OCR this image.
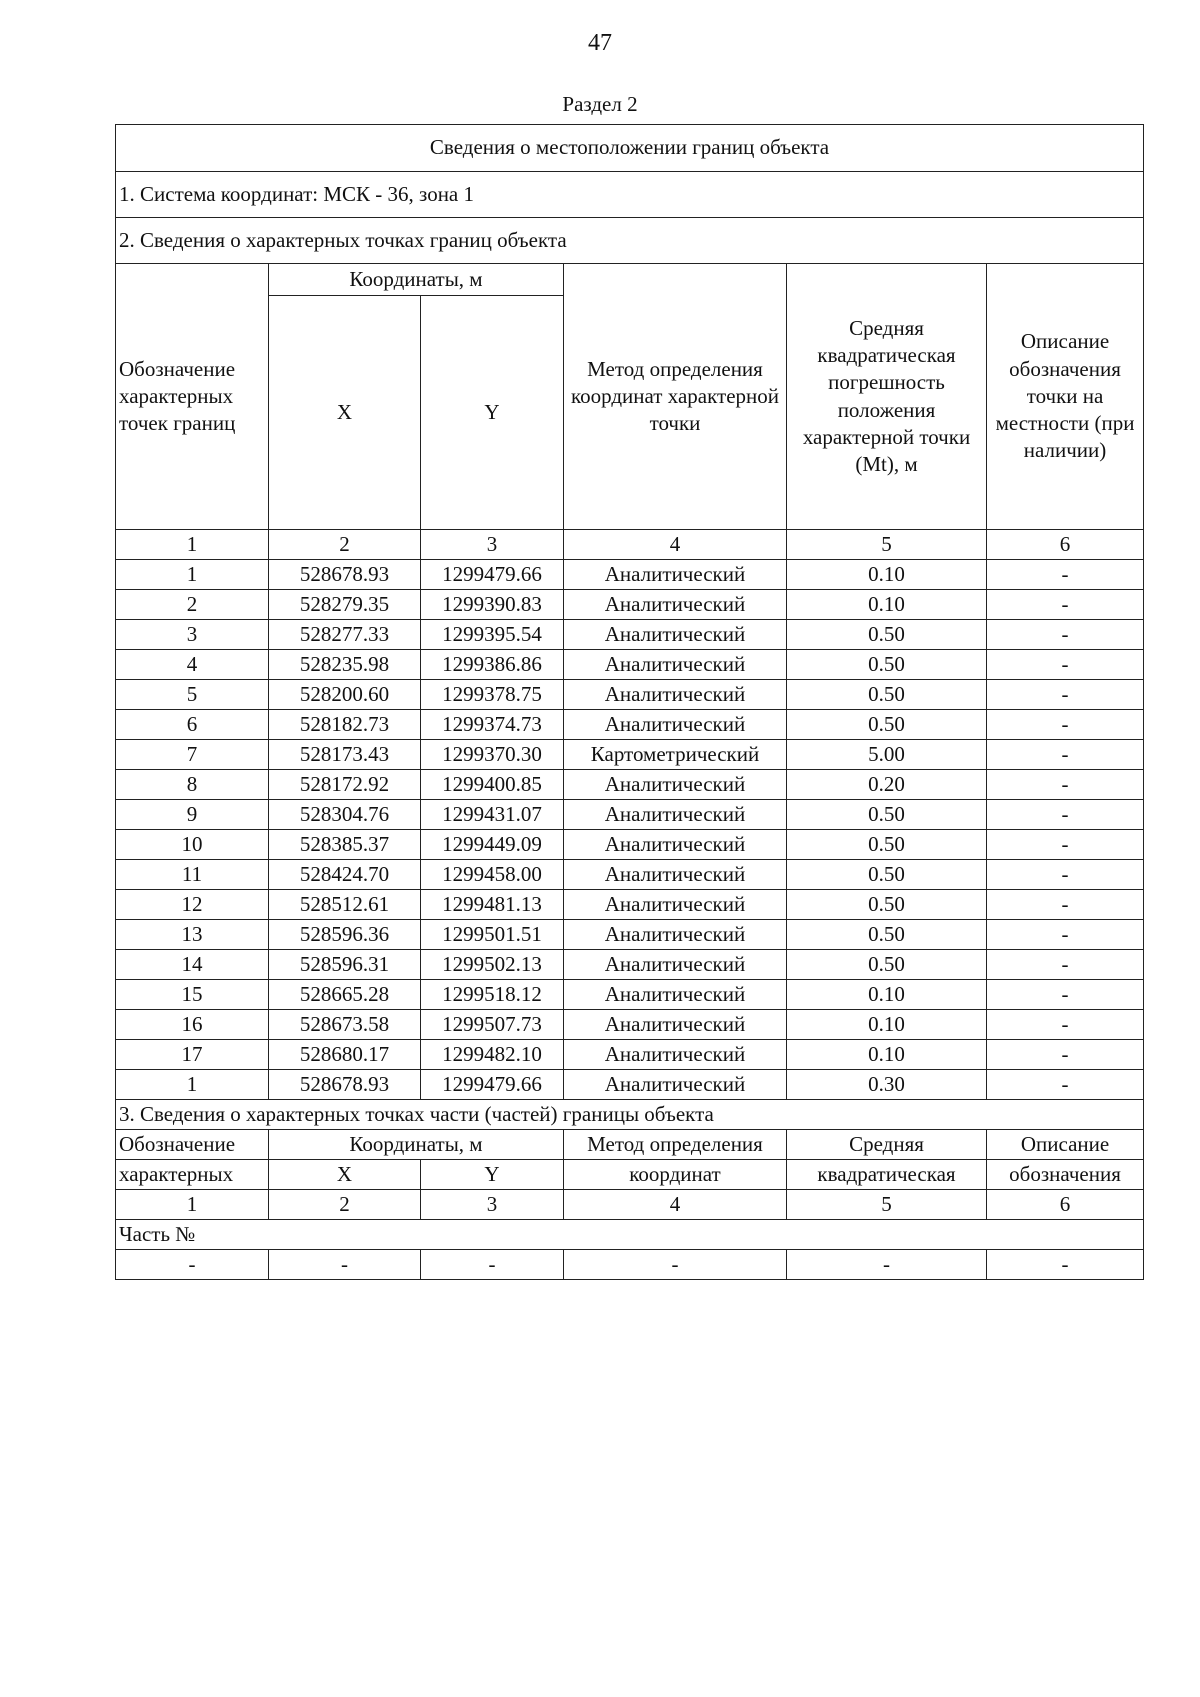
47
Раздел 2
Сведения о местоположении границ объекта					
1. Система координат: МСК - 36, зона 1					
2. Сведения о характерных точках границ объекта					
Обозначение характерных точек границ	Координаты, м		Метод определения координат характерной точки	Средняя квадратическая погрешность положения характерной точки (Mt), м	Описание обозначения точки на местности (при наличии)
	X	Y			
1	2	3	4	5	6
1	528678.93	1299479.66	Аналитический	0.10	-
2	528279.35	1299390.83	Аналитический	0.10	-
3	528277.33	1299395.54	Аналитический	0.50	-
4	528235.98	1299386.86	Аналитический	0.50	-
5	528200.60	1299378.75	Аналитический	0.50	-
6	528182.73	1299374.73	Аналитический	0.50	-
7	528173.43	1299370.30	Картометрический	5.00	-
8	528172.92	1299400.85	Аналитический	0.20	-
9	528304.76	1299431.07	Аналитический	0.50	-
10	528385.37	1299449.09	Аналитический	0.50	-
11	528424.70	1299458.00	Аналитический	0.50	-
12	528512.61	1299481.13	Аналитический	0.50	-
13	528596.36	1299501.51	Аналитический	0.50	-
14	528596.31	1299502.13	Аналитический	0.50	-
15	528665.28	1299518.12	Аналитический	0.10	-
16	528673.58	1299507.73	Аналитический	0.10	-
17	528680.17	1299482.10	Аналитический	0.10	-
1	528678.93	1299479.66	Аналитический	0.30	-
3. Сведения о характерных точках части (частей) границы объекта					
Обозначение	Координаты, м		Метод определения	Средняя	Описание
характерных	X	Y	координат	квадратическая	обозначения
1	2	3	4	5	6
Часть №					
-	-	-	-	-	-
